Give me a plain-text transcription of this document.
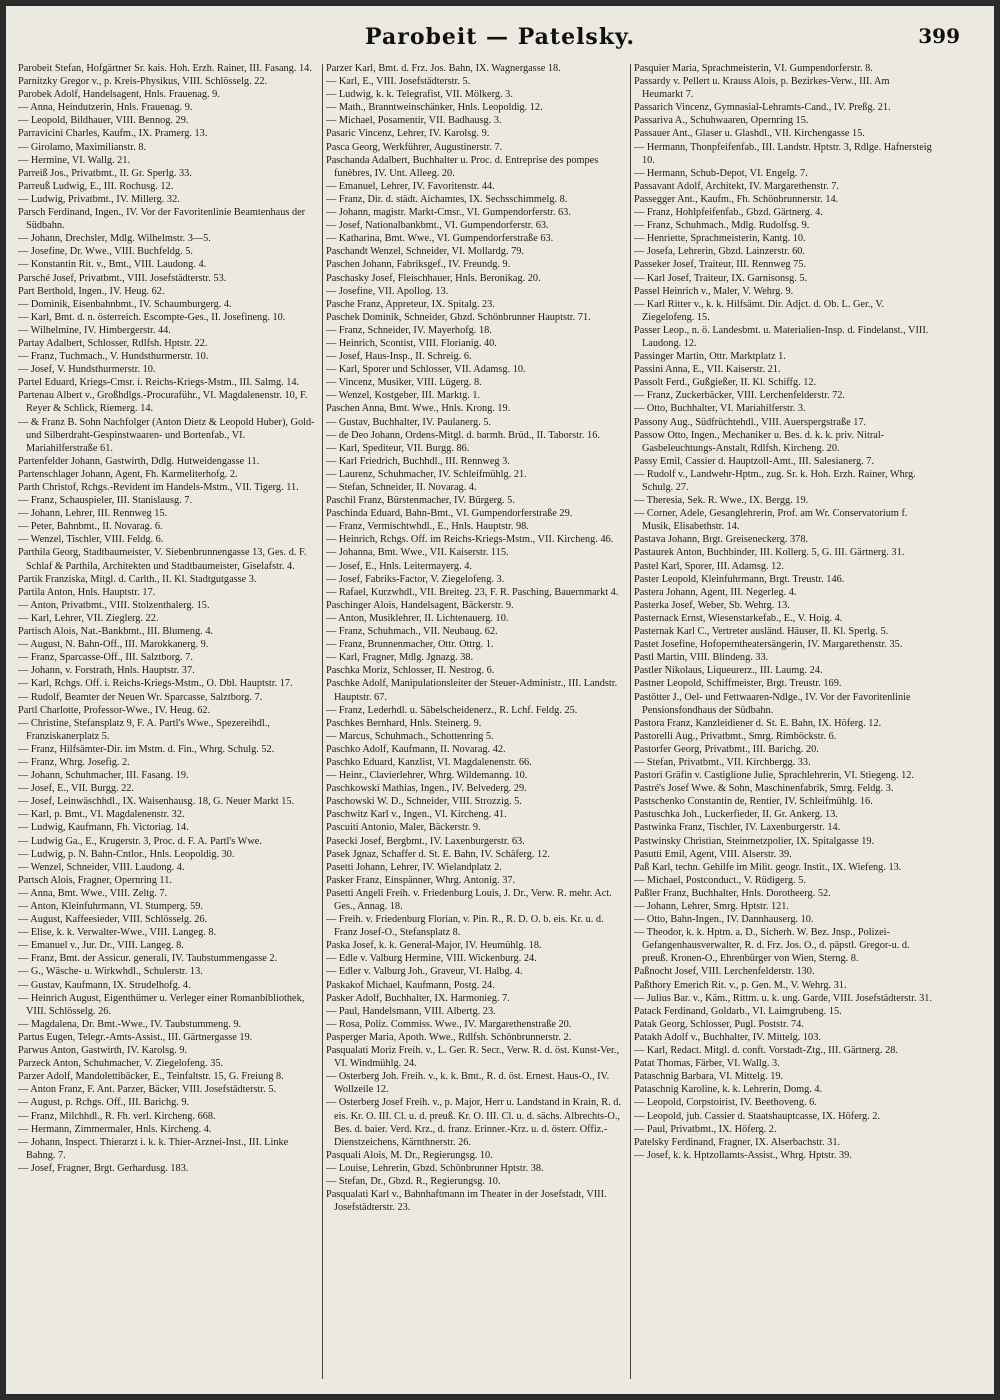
Parobeit — Patelsky.	399
Parobeit Stefan, Hofgärtner Sr. kais. Hoh. Erzh. Rainer, III. Fasang. 14.
Parnitzky Gregor v., p. Kreis-Physikus, VIII. Schlösselg. 22.
Parobek Adolf, Handelsagent, Hnls. Frauenag. 9.
— Anna, Heindutzerin, Hnls. Frauenag. 9.
— Leopold, Bildhauer, VIII. Bennog. 29.
Parravicini Charles, Kaufm., IX. Pramerg. 13.
— Girolamo, Maximilianstr. 8.
— Hermine, VI. Wallg. 21.
Parreiß Jos., Privatbmt., II. Gr. Sperlg. 33.
Parreuß Ludwig, E., III. Rochusg. 12.
— Ludwig, Privatbmt., IV. Millerg. 32.
Parsch Ferdinand, Ingen., IV. Vor der Favoritenlinie Beamtenhaus der Südbahn.
— Johann, Drechsler, Mdlg. Wilhelmstr. 3—5.
— Josefine, Dr. Wwe., VIII. Buchfeldg. 5.
— Konstantin Rit. v., Bmt., VIII. Laudong. 4.
Parsché Josef, Privatbmt., VIII. Josefstädterstr. 53.
Part Berthold, Ingen., IV. Heug. 62.
— Dominik, Eisenbahnbmt., IV. Schaumburgerg. 4.
— Karl, Bmt. d. n. österreich. Escompte-Ges., II. Josefineng. 10.
— Wilhelmine, IV. Himbergerstr. 44.
Partay Adalbert, Schlosser, Rdlfsh. Hptstr. 22.
— Franz, Tuchmach., V. Hundsthurmerstr. 10.
— Josef, V. Hundsthurmerstr. 10.
Partel Eduard, Kriegs-Cmsr. i. Reichs-Kriegs-Mstm., III. Salmg. 14.
Partenau Albert v., Großhdlgs.-Procuraführ., VI. Magdalenenstr. 10, F. Reyer & Schlick, Riemerg. 14.
— & Franz B. Sohn Nachfolger (Anton Dietz & Leopold Huber), Gold- und Silberdraht-Gespinstwaaren- und Bortenfab., VI. Mariahilferstraße 61.
Partenfelder Johann, Gastwirth, Ddlg. Hutweidengasse 11.
Partenschlager Johann, Agent, Fh. Karmeliterhofg. 2.
Parth Christof, Rchgs.-Revident im Handels-Mstm., VII. Tigerg. 11.
— Franz, Schauspieler, III. Stanislausg. 7.
— Johann, Lehrer, III. Rennweg 15.
— Peter, Bahnbmt., II. Novarag. 6.
— Wenzel, Tischler, VIII. Feldg. 6.
Parthila Georg, Stadtbaumeister, V. Siebenbrunnengasse 13, Ges. d. F. Schlaf & Parthila, Architekten und Stadtbaumeister, Giselafstr. 4.
Partik Franziska, Mitgl. d. Carlth., II. Kl. Stadtgutgasse 3.
Partila Anton, Hnls. Hauptstr. 17.
— Anton, Privatbmt., VIII. Stolzenthalerg. 15.
— Karl, Lehrer, VII. Zieglerg. 22.
Partisch Alois, Nat.-Bankbmt., III. Blumeng. 4.
— August, N. Bahn-Off., III. Marokkanerg. 9.
— Franz, Sparcasse-Off., III. Salztborg. 7.
— Johann, v. Forstrath, Hnls. Hauptstr. 37.
— Karl, Rchgs. Off. i. Reichs-Kriegs-Mstm., O. Dbl. Hauptstr. 17.
— Rudolf, Beamter der Neuen Wr. Sparcasse, Salztborg. 7.
Partl Charlotte, Professor-Wwe., IV. Heug. 62.
— Christine, Stefansplatz 9, F. A. Partl's Wwe., Spezereihdl., Franziskanerplatz 5.
— Franz, Hilfsämter-Dir. im Mstm. d. Fin., Whrg. Schulg. 52.
— Franz, Whrg. Josefig. 2.
— Johann, Schuhmacher, III. Fasang. 19.
— Josef, E., VII. Burgg. 22.
— Josef, Leinwäschhdl., IX. Waisenhausg. 18, G. Neuer Markt 15.
— Karl, p. Bmt., VI. Magdalenenstr. 32.
— Ludwig, Kaufmann, Fh. Victoriag. 14.
— Ludwig Ga., E., Krugerstr. 3, Proc. d. F. A. Partl's Wwe.
— Ludwig, p. N. Bahn-Cntlor., Hnls. Leopoldig. 30.
— Wenzel, Schneider, VIII. Laudong. 4.
Partsch Alois, Fragner, Opernring 11.
— Anna, Bmt. Wwe., VIII. Zeltg. 7.
— Anton, Kleinfuhrmann, VI. Stumperg. 59.
— August, Kaffeesieder, VIII. Schlösselg. 26.
— Elise, k. k. Verwalter-Wwe., VIII. Langeg. 8.
— Emanuel v., Jur. Dr., VIII. Langeg. 8.
— Franz, Bmt. der Assicur. generali, IV. Taubstummengasse 2.
— G., Wäsche- u. Wirkwhdl., Schulerstr. 13.
— Gustav, Kaufmann, IX. Strudelhofg. 4.
— Heinrich August, Eigenthümer u. Verleger einer Romanbibliothek, VIII. Schlösselg. 26.
— Magdalena, Dr. Bmt.-Wwe., IV. Taubstummeng. 9.
Partus Eugen, Telegr.-Amts-Assist., III. Gärtnergasse 19.
Parwus Anton, Gastwirth, IV. Karolsg. 9.
Parzeck Anton, Schuhmacher, V. Ziegelofeng. 35.
Parzer Adolf, Mandolettibäcker, E., Teinfaltstr. 15, G. Freiung 8.
— Anton Franz, F. Ant. Parzer, Bäcker, VIII. Josefstädterstr. 5.
— August, p. Rchgs. Off., III. Barichg. 9.
— Franz, Milchhdl., R. Fh. verl. Kircheng. 668.
— Hermann, Zimmermaler, Hnls. Kircheng. 4.
— Johann, Inspect. Thierarzt i. k. k. Thier-Arznei-Inst., III. Linke Bahng. 7.
— Josef, Fragner, Brgt. Gerhardusg. 183.
Parzer Karl, Bmt. d. Frz. Jos. Bahn, IX. Wagnergasse 18.
— Karl, E., VIII. Josefstädterstr. 5.
— Ludwig, k. k. Telegrafist, VII. Mölkerg. 3.
— Math., Branntweinschänker, Hnls. Leopoldig. 12.
— Michael, Posamentir, VII. Badhausg. 3.
Pasaric Vincenz, Lehrer, IV. Karolsg. 9.
Pasca Georg, Werkführer, Augustinerstr. 7.
Paschanda Adalbert, Buchhalter u. Proc. d. Entreprise des pompes funèbres, IV. Unt. Alleeg. 20.
— Emanuel, Lehrer, IV. Favoritenstr. 44.
— Franz, Dir. d. städt. Aichamtes, IX. Sechsschimmelg. 8.
— Johann, magistr. Markt-Cmsr., VI. Gumpendorferstr. 63.
— Josef, Nationalbankbmt., VI. Gumpendorferstr. 63.
— Katharina, Bmt. Wwe., VI. Gumpendorferstraße 63.
Paschandt Wenzel, Schneider, VI. Mollardg. 79.
Paschen Johann, Fabriksgef., IV. Freundg. 9.
Paschasky Josef, Fleischhauer, Hnls. Beronikag. 20.
— Josefine, VII. Apollog. 13.
Pasche Franz, Appreteur, IX. Spitalg. 23.
Paschek Dominik, Schneider, Gbzd. Schönbrunner Hauptstr. 71.
— Franz, Schneider, IV. Mayerhofg. 18.
— Heinrich, Scontist, VIII. Florianig. 40.
— Josef, Haus-Insp., II. Schreig. 6.
— Karl, Sporer und Schlosser, VII. Adamsg. 10.
— Vincenz, Musiker, VIII. Lügerg. 8.
— Wenzel, Kostgeber, III. Marktg. 1.
Paschen Anna, Bmt. Wwe., Hnls. Krong. 19.
— Gustav, Buchhalter, IV. Paulanerg. 5.
— de Deo Johann, Ordens-Mitgl. d. barmh. Brüd., II. Taborstr. 16.
— Karl, Spediteur, VII. Burgg. 86.
— Karl Friedrich, Buchhdl., III. Rennweg 3.
— Laurenz, Schuhmacher, IV. Schleifmühlg. 21.
— Stefan, Schneider, II. Novarag. 4.
Paschil Franz, Bürstenmacher, IV. Bürgerg. 5.
Paschinda Eduard, Bahn-Bmt., VI. Gumpendorferstraße 29.
— Franz, Vermischtwhdl., E., Hnls. Hauptstr. 98.
— Heinrich, Rchgs. Off. im Reichs-Kriegs-Mstm., VII. Kircheng. 46.
— Johanna, Bmt. Wwe., VII. Kaiserstr. 115.
— Josef, E., Hnls. Leitermayerg. 4.
— Josef, Fabriks-Factor, V. Ziegelofeng. 3.
— Rafael, Kurzwhdl., VII. Breiteg. 23, F. R. Pasching, Bauernmarkt 4.
Paschinger Alois, Handelsagent, Bäckerstr. 9.
— Anton, Musiklehrer, II. Lichtenauerg. 10.
— Franz, Schuhmach., VII. Neubaug. 62.
— Franz, Brunnenmacher, Ottr. Ottrg. 1.
— Karl, Fragner, Mdlg. Jgnazg. 38.
Paschka Moriz, Schlosser, II. Nestrog. 6.
Paschke Adolf, Manipulationsleiter der Steuer-Administr., III. Landstr. Hauptstr. 67.
— Franz, Lederhdl. u. Säbelscheidenerz., R. Lchf. Feldg. 25.
Paschkes Bernhard, Hnls. Steinerg. 9.
— Marcus, Schuhmach., Schottenring 5.
Paschko Adolf, Kaufmann, II. Novarag. 42.
Paschko Eduard, Kanzlist, VI. Magdalenenstr. 66.
— Heinr., Clavierlehrer, Whrg. Wildemanng. 10.
Paschkowski Mathias, Ingen., IV. Belvederg. 29.
Paschowski W. D., Schneider, VIII. Strozzig. 5.
Paschwitz Karl v., Ingen., VI. Kircheng. 41.
Pascuiti Antonio, Maler, Bäckerstr. 9.
Pasecki Josef, Bergbmt., IV. Laxenburgerstr. 63.
Pasek Jgnaz, Schaffer d. St. E. Bahn, IV. Schäferg. 12.
Pasetti Johann, Lehrer, IV. Wielandplatz 2.
Pasker Franz, Einspänner, Whrg. Antonig. 37.
Pasetti Angeli Freih. v. Friedenburg Louis, J. Dr., Verw. R. mehr. Act. Ges., Annag. 18.
— Freih. v. Friedenburg Florian, v. Pin. R., R. D. O. b. eis. Kr. u. d. Franz Josef-O., Stefansplatz 8.
Paska Josef, k. k. General-Major, IV. Heumühlg. 18.
— Edle v. Valburg Hermine, VIII. Wickenburg. 24.
— Edler v. Valburg Joh., Graveur, VI. Halbg. 4.
Paskakof Michael, Kaufmann, Postg. 24.
Pasker Adolf, Buchhalter, IX. Harmonieg. 7.
— Paul, Handelsmann, VIII. Albertg. 23.
— Rosa, Poliz. Commiss. Wwe., IV. Margarethenstraße 20.
Pasperger Maria, Apoth. Wwe., Rdlfsh. Schönbrunnerstr. 2.
Pasqualati Moriz Freih. v., L. Ger. R. Secr., Verw. R. d. öst. Kunst-Ver., VI. Windmühlg. 24.
— Osterberg Joh. Freih. v., k. k. Bmt., R. d. öst. Ernest. Haus-O., IV. Wollzeile 12.
— Osterberg Josef Freih. v., p. Major, Herr u. Landstand in Krain, R. d. eis. Kr. O. III. Cl. u. d. preuß. Kr. O. III. Cl. u. d. sächs. Albrechts-O., Bes. d. baier. Verd. Krz., d. franz. Erinner.-Krz. u. d. österr. Offiz.-Dienstzeichens, Kärnthnerstr. 26.
Pasquali Alois, M. Dr., Regierungsg. 10.
— Louise, Lehrerin, Gbzd. Schönbrunner Hptstr. 38.
— Stefan, Dr., Gbzd. R., Regierungsg. 10.
Pasqualati Karl v., Bahnhaftmann im Theater in der Josefstadt, VIII. Josefstädterstr. 23.
Pasquier Maria, Sprachmeisterin, VI. Gumpendorferstr. 8.
Passardy v. Pellert u. Krauss Alois, p. Bezirkes-Verw., III. Am Heumarkt 7.
Passarich Vincenz, Gymnasial-Lehramts-Cand., IV. Preßg. 21.
Passariva A., Schuhwaaren, Opernring 15.
Passauer Ant., Glaser u. Glashdl., VII. Kirchengasse 15.
— Hermann, Thonpfeifenfab., III. Landstr. Hptstr. 3, Rdlge. Hafnersteig 10.
— Hermann, Schub-Depot, VI. Engelg. 7.
Passavant Adolf, Architekt, IV. Margarethenstr. 7.
Passegger Ant., Kaufm., Fh. Schönbrunnerstr. 14.
— Franz, Hohlpfeifenfab., Gbzd. Gärtnerg. 4.
— Franz, Schuhmach., Mdlg. Rudolfsg. 9.
— Henriette, Sprachmeisterin, Kantg. 10.
— Josefa, Lehrerin, Gbzd. Lainzerstr. 60.
Passeker Josef, Traiteur, III. Rennweg 75.
— Karl Josef, Traiteur, IX. Garnisonsg. 5.
Passel Heinrich v., Maler, V. Wehrg. 9.
— Karl Ritter v., k. k. Hilfsämt. Dir. Adjct. d. Ob. L. Ger., V. Ziegelofeng. 15.
Passer Leop., n. ö. Landesbmt. u. Materialien-Insp. d. Findelanst., VIII. Laudong. 12.
Passinger Martin, Ottr. Marktplatz 1.
Passini Anna, E., VII. Kaiserstr. 21.
Passolt Ferd., Gußgießer, II. Kl. Schiffg. 12.
— Franz, Zuckerbäcker, VIII. Lerchenfelderstr. 72.
— Otto, Buchhalter, VI. Mariahilferstr. 3.
Passony Aug., Südfrüchtehdl., VIII. Auerspergstraße 17.
Passow Otto, Ingen., Mechaniker u. Bes. d. k. k. priv. Nitral-Gasbeleuchtungs-Anstalt, Rdlfsh. Kircheng. 20.
Passy Emil, Cassier d. Hauptzoll-Amt., III. Salesianerg. 7.
— Rudolf v., Landwehr-Hptm., zug. Sr. k. Hoh. Erzh. Rainer, Whrg. Schulg. 27.
— Theresia, Sek. R. Wwe., IX. Bergg. 19.
— Corner, Adele, Gesanglehrerin, Prof. am Wr. Conservatorium f. Musik, Elisabethstr. 14.
Pastava Johann, Brgt. Greiseneckerg. 378.
Pastaurek Anton, Buchbinder, III. Kollerg. 5, G. III. Gärtnerg. 31.
Pastel Karl, Sporer, III. Adamsg. 12.
Paster Leopold, Kleinfuhrmann, Brgt. Treustr. 146.
Pastera Johann, Agent, III. Negerleg. 4.
Pasterka Josef, Weber, Sb. Wehrg. 13.
Pasternack Ernst, Wiesenstarkefab., E., V. Hoig. 4.
Pasternak Karl C., Vertreter ausländ. Häuser, II. Kl. Sperlg. 5.
Pastet Josefine, Hofoperntheatersängerin, IV. Margarethenstr. 35.
Pastl Martin, VIII. Blindeng. 33.
Pastler Nikolaus, Liqueurerz., III. Laumg. 24.
Pastner Leopold, Schiffmeister, Brgt. Treustr. 169.
Pastötter J., Oel- und Fettwaaren-Ndlge., IV. Vor der Favoritenlinie Pensionsfondhaus der Südbahn.
Pastora Franz, Kanzleidiener d. St. E. Bahn, IX. Höferg. 12.
Pastorelli Aug., Privatbmt., Smrg. Rimböckstr. 6.
Pastorfer Georg, Privatbmt., III. Barichg. 20.
— Stefan, Privatbmt., VII. Kirchbergg. 33.
Pastori Gräfin v. Castiglione Julie, Sprachlehrerin, VI. Stiegeng. 12.
Pastré's Josef Wwe. & Sohn, Maschinenfabrik, Smrg. Feldg. 3.
Pastschenko Constantin de, Rentier, IV. Schleifmühlg. 16.
Pastuschka Joh., Luckerfieder, II. Gr. Ankerg. 13.
Pastwinka Franz, Tischler, IV. Laxenburgerstr. 14.
Pastwinsky Christian, Steinmetzpolier, IX. Spitalgasse 19.
Pasutti Emil, Agent, VIII. Alserstr. 39.
Paß Karl, techn. Gehilfe im Milit. geogr. Instit., IX. Wiefeng. 13.
— Michael, Postconduct., V. Rüdigerg. 5.
Paßler Franz, Buchhalter, Hnls. Dorotheerg. 52.
— Johann, Lehrer, Smrg. Hptstr. 121.
— Otto, Bahn-Ingen., IV. Dannhauserg. 10.
— Theodor, k. k. Hptm. a. D., Sicherh. W. Bez. Jnsp., Polizei-Gefangenhausverwalter, R. d. Frz. Jos. O., d. päpstl. Gregor-u. d. preuß. Kronen-O., Ehrenbürger von Wien, Sterng. 8.
Paßnocht Josef, VIII. Lerchenfelderstr. 130.
Paßthory Emerich Rit. v., p. Gen. M., V. Wehrg. 31.
— Julius Bar. v., Käm., Rittm. u. k. ung. Garde, VIII. Josefstädterstr. 31.
Patack Ferdinand, Goldarb., VI. Laimgrubeng. 15.
Patak Georg, Schlosser, Pugl. Poststr. 74.
Patakh Adolf v., Buchhalter, IV. Mittelg. 103.
— Karl, Redact. Mitgl. d. conft. Vorstadt-Ztg., III. Gärtnerg. 28.
Patat Thomas, Färber, VI. Wallg. 3.
Pataschnig Barbara, VI. Mittelg. 19.
Pataschnig Karoline, k. k. Lehrerin, Domg. 4.
— Leopold, Corpstoirist, IV. Beethoveng. 6.
— Leopold, jub. Cassier d. Staatshauptcasse, IX. Höferg. 2.
— Paul, Privatbmt., IX. Höferg. 2.
Patelsky Ferdinand, Fragner, IX. Alserbachstr. 31.
— Josef, k. k. Hptzollamts-Assist., Whrg. Hptstr. 39.
